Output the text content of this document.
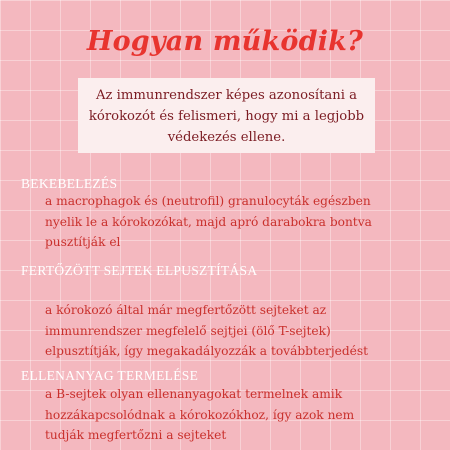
Hogyan működik?
Az immunrendszer képes azonosítani a kórokozót és felismeri, hogy mi a legjobb védekezés ellene.
BEKEBELEZÉS
a macrophagok és (neutrofil) granulocyták egészben nyelik le a kórokozókat, majd apró darabokra bontva pusztítják el
FERTŐZÖTT SEJTEK ELPUSZTÍTÁSA
a kórokozó által már megfertőzött sejteket az immunrendszer megfelelő sejtjei (ölő T-sejtek) elpusztítják, így megakadályozzák a továbbterjedést
ELLENANYAG TERMELÉSE
a B-sejtek olyan ellenanyagokat termelnek amik hozzákapcsolódnak a kórokozókhoz, így azok nem tudják megfertőzni a sejteket
